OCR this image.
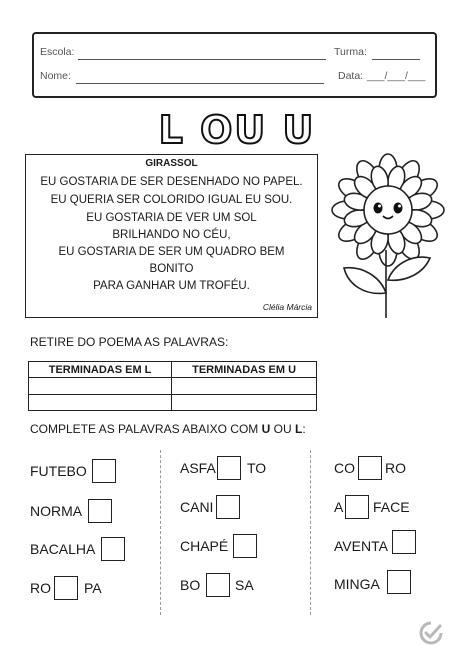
Escola:	Turma:
Nome:	Data: ___/___/___
L OU U
GIRASSOL
EU GOSTARIA DE SER DESENHADO NO PAPEL.
EU QUERIA SER COLORIDO IGUAL EU SOU.
EU GOSTARIA DE VER UM SOL
BRILHANDO NO CÉU,
EU GOSTARIA DE SER UM QUADRO BEM
BONITO
PARA GANHAR UM TROFÉU.
Clélia Márcia
RETIRE DO POEMA AS PALAVRAS:
TERMINADAS EM L	TERMINADAS EM U

COMPLETE AS PALAVRAS ABAIXO COM U OU L:
FUTEBO
NORMA
BACALHA
RO PA
ASFA TO
CANI
CHAPÉ
BO SA
CO RO
A FACE
AVENTA
MINGA
